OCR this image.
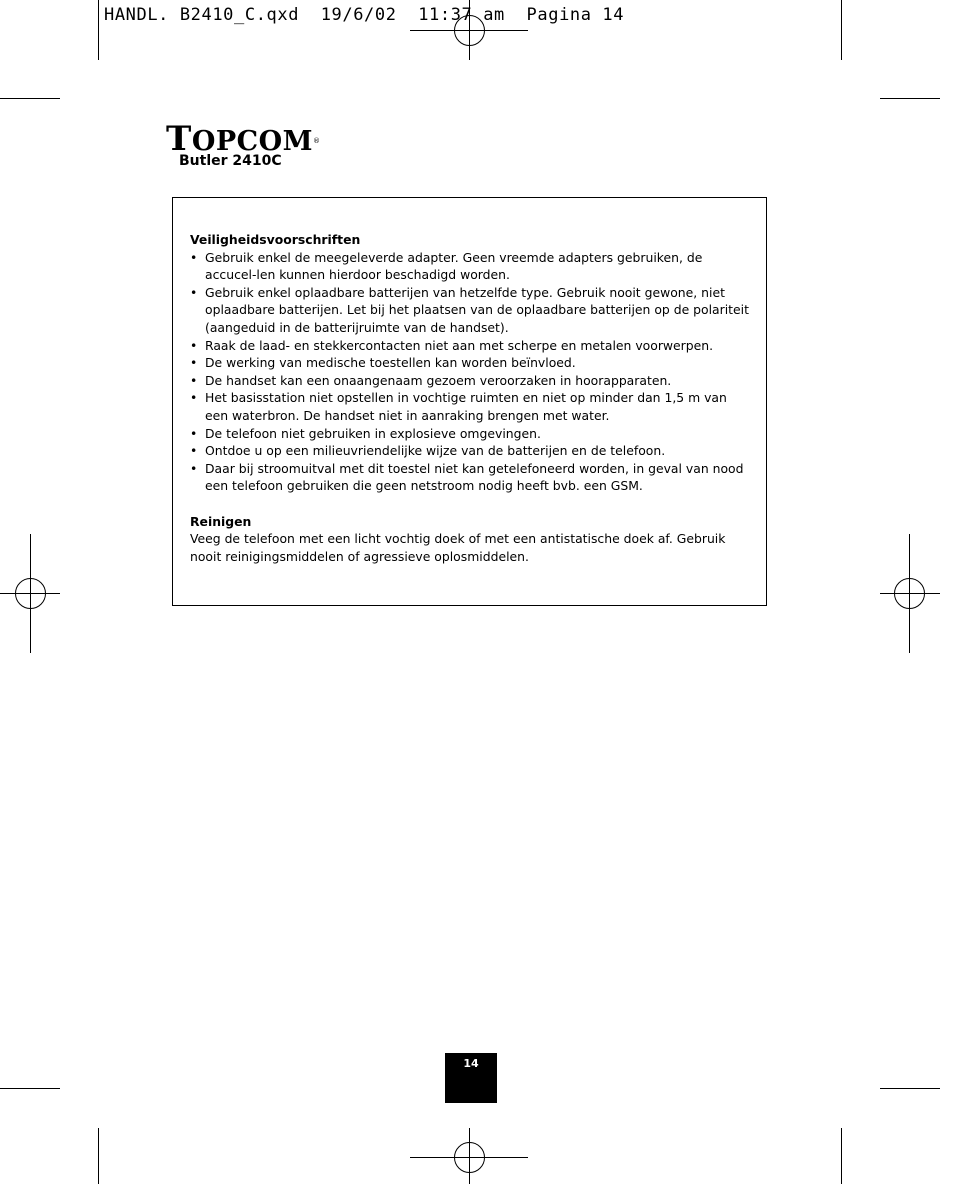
HANDL. B2410_C.qxd  19/6/02  11:37 am  Pagina 14
TOPCOM®
Butler 2410C
Veiligheidsvoorschriften
• Gebruik enkel de meegeleverde adapter. Geen vreemde adapters gebruiken, de accucel-len kunnen hierdoor beschadigd worden.
• Gebruik enkel oplaadbare batterijen van hetzelfde type. Gebruik nooit gewone, niet oplaadbare batterijen. Let bij het plaatsen van de oplaadbare batterijen op de polariteit (aangeduid in de batterijruimte van de handset).
• Raak de laad- en stekkercontacten niet aan met scherpe en metalen voorwerpen.
• De werking van medische toestellen kan worden beïnvloed.
• De handset kan een onaangenaam gezoem veroorzaken in hoorapparaten.
• Het basisstation niet opstellen in vochtige ruimten en niet op minder dan 1,5 m van een waterbron. De handset niet in aanraking brengen met water.
• De telefoon niet gebruiken in explosieve omgevingen.
• Ontdoe u op een milieuvriendelijke wijze van de batterijen en de telefoon.
• Daar bij stroomuitval met dit toestel niet kan getelefoneerd worden, in geval van nood een telefoon gebruiken die geen netstroom nodig heeft bvb. een GSM.
Reinigen
Veeg de telefoon met een licht vochtig doek of met een antistatische doek af. Gebruik nooit reinigingsmiddelen of agressieve oplosmiddelen.
14
